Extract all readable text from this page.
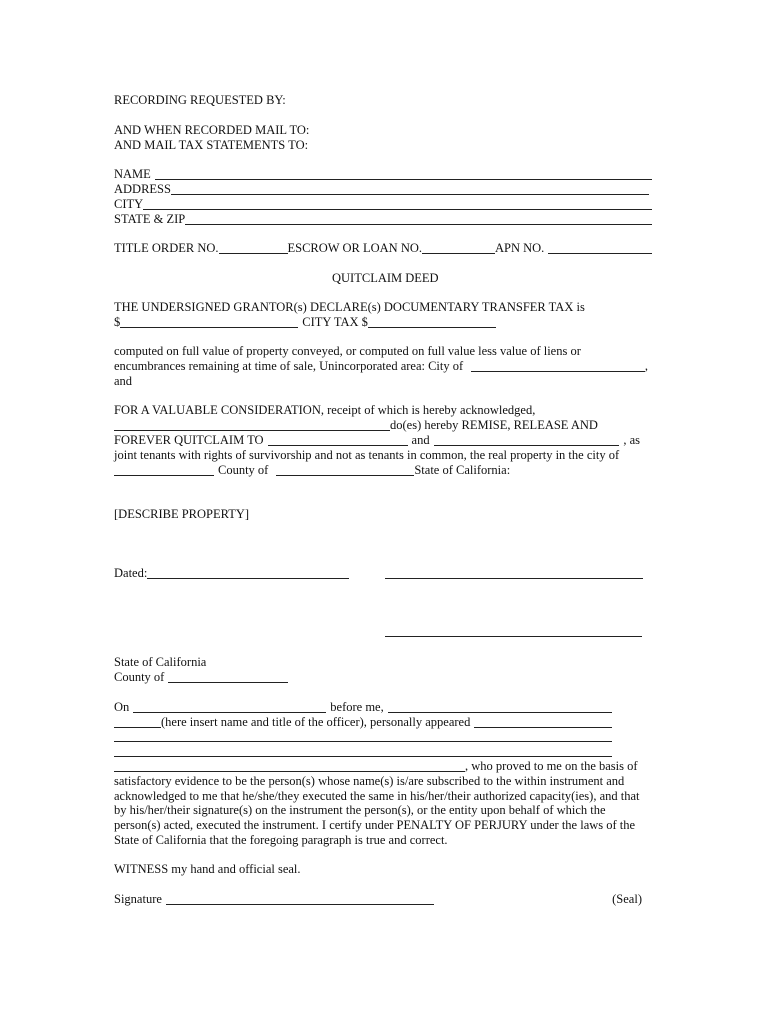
RECORDING REQUESTED BY:
AND WHEN RECORDED MAIL TO:
AND MAIL TAX STATEMENTS TO:
NAME
ADDRESS
CITY
STATE & ZIP
TITLE ORDER NO.	ESCROW OR LOAN NO.	APN NO.
QUITCLAIM DEED
THE UNDERSIGNED GRANTOR(s) DECLARE(s) DOCUMENTARY TRANSFER TAX is
$	CITY TAX $
computed on full value of property conveyed, or computed on full value less value of liens or
encumbrances remaining at time of sale, Unincorporated area: City of	,
and
FOR A VALUABLE CONSIDERATION, receipt of which is hereby acknowledged,
do(es) hereby REMISE, RELEASE AND
FOREVER QUITCLAIM TO	and	, as
joint tenants with rights of survivorship and not as tenants in common, the real property in the city of
County of	State of California:
[DESCRIBE PROPERTY]
Dated:
State of California
County of
On	before me,
(here insert name and title of the officer), personally appeared
, who proved to me on the basis of
satisfactory evidence to be the person(s) whose name(s) is/are subscribed to the within instrument and
acknowledged to me that he/she/they executed the same in his/her/their authorized capacity(ies), and that
by his/her/their signature(s) on the instrument the person(s), or the entity upon behalf of which the
person(s) acted, executed the instrument. I certify under PENALTY OF PERJURY under the laws of the
State of California that the foregoing paragraph is true and correct.
WITNESS my hand and official seal.
Signature	(Seal)
